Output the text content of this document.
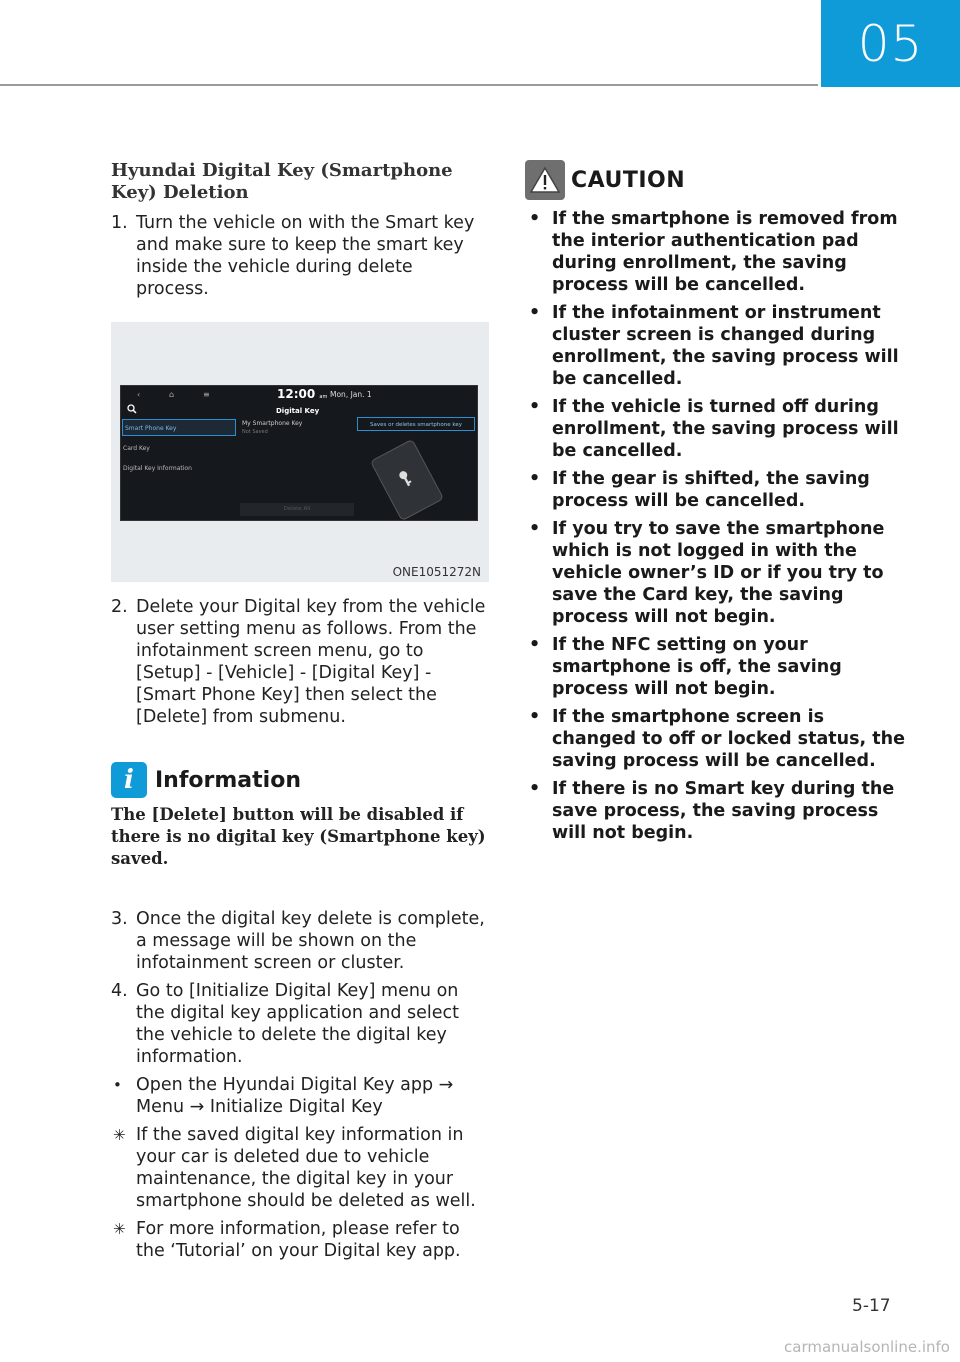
05
Hyundai Digital Key (Smartphone Key) Deletion
1. Turn the vehicle on with the Smart key and make sure to keep the smart key inside the vehicle during delete process.
‹	⌂	≡	12:00 am Mon, Jan. 1
Digital Key
Smart Phone Key
Card Key
Digital Key Information
My Smartphone Key
Not Saved
Saves or deletes smartphone key
Delete All
ONE1051272N
2. Delete your Digital key from the vehicle user setting menu as follows. From the infotainment screen menu, go to [Setup] - [Vehicle] - [Digital Key] - [Smart Phone Key] then select the [Delete] from submenu.
i Information
The [Delete] button will be disabled if there is no digital key (Smartphone key) saved.
3. Once the digital key delete is complete, a message will be shown on the infotainment screen or cluster.
4. Go to [Initialize Digital Key] menu on the digital key application and select the vehicle to delete the digital key information.
• Open the Hyundai Digital Key app → Menu → Initialize Digital Key
✳ If the saved digital key information in your car is deleted due to vehicle maintenance, the digital key in your smartphone should be deleted as well.
✳ For more information, please refer to the ‘Tutorial’ on your Digital key app.
CAUTION
• If the smartphone is removed from the interior authentication pad during enrollment, the saving process will be cancelled.
• If the infotainment or instrument cluster screen is changed during enrollment, the saving process will be cancelled.
• If the vehicle is turned off during enrollment, the saving process will be cancelled.
• If the gear is shifted, the saving process will be cancelled.
• If you try to save the smartphone which is not logged in with the vehicle owner’s ID or if you try to save the Card key, the saving process will not begin.
• If the NFC setting on your smartphone is off, the saving process will not begin.
• If the smartphone screen is changed to off or locked status, the saving process will be cancelled.
• If there is no Smart key during the save process, the saving process will not begin.
5-17
carmanualsonline.info
